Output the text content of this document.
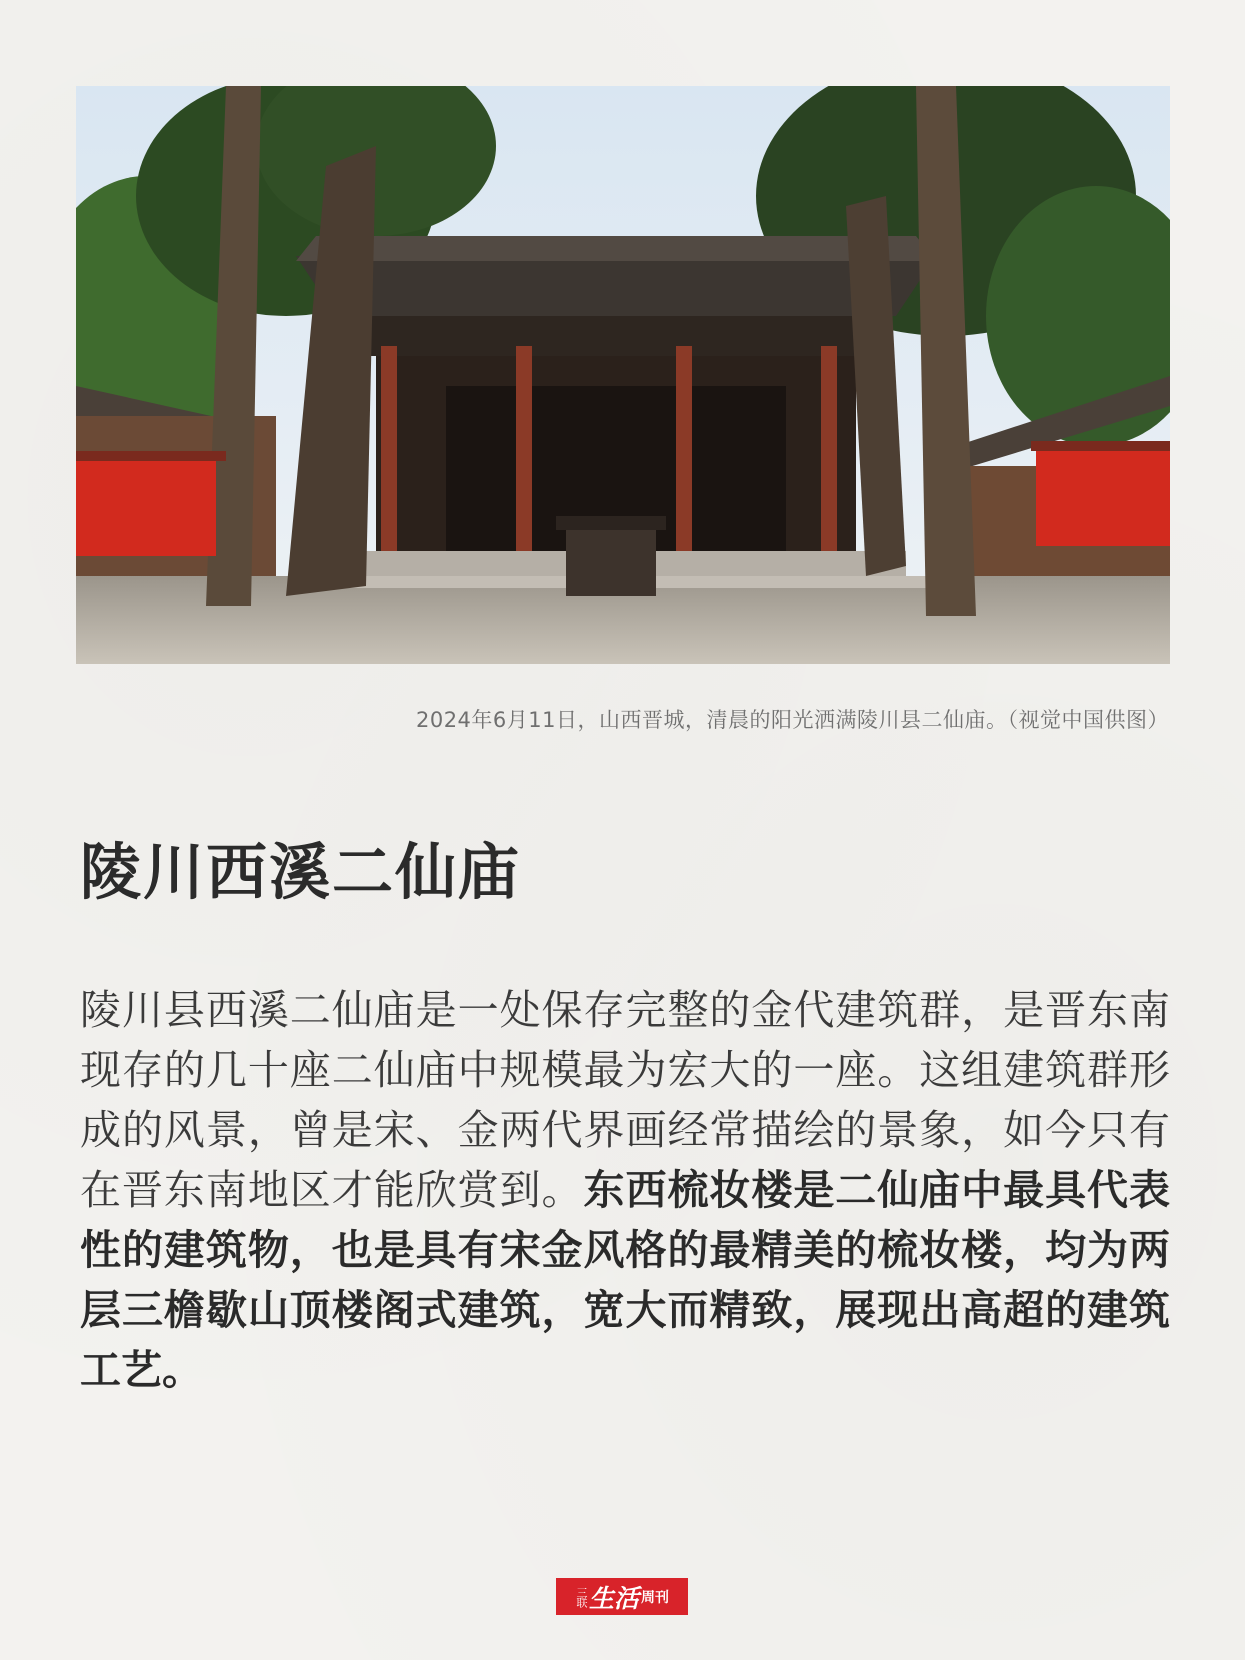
2024年6月11日，山西晋城，清晨的阳光洒满陵川县二仙庙。（视觉中国供图）
陵川西溪二仙庙

陵川县西溪二仙庙是一处保存完整的金代建筑群，是晋东南现存的几十座二仙庙中规模最为宏大的一座。这组建筑群形成的风景，曾是宋、金两代界画经常描绘的景象，如今只有在晋东南地区才能欣赏到。东西梳妆楼是二仙庙中最具代表性的建筑物，也是具有宋金风格的最精美的梳妆楼，均为两层三檐歇山顶楼阁式建筑，宽大而精致，展现出高超的建筑工艺。

三联 生活 周刊
